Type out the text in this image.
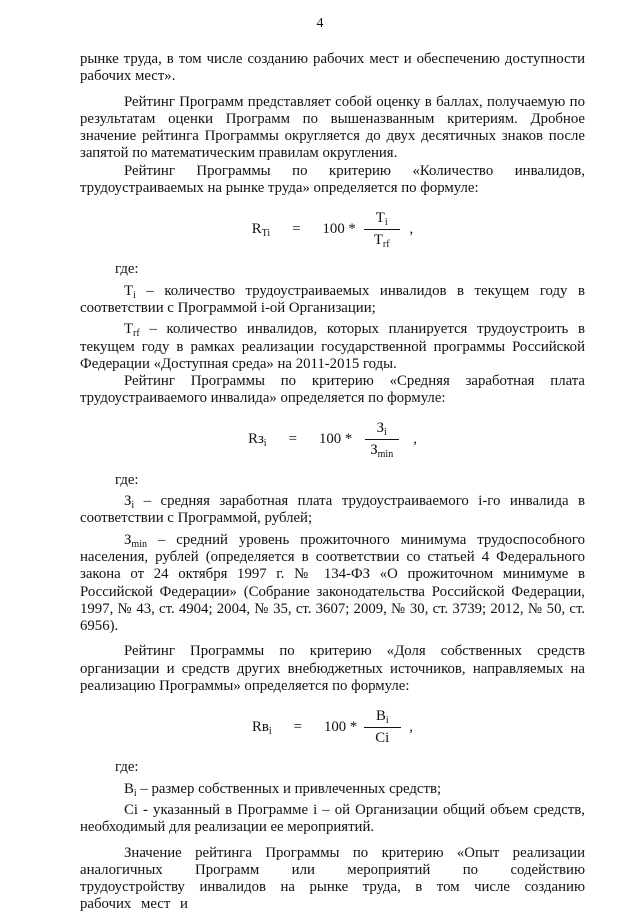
4

рынке труда, в том числе созданию рабочих мест и обеспечению доступности рабочих мест».

Рейтинг Программ представляет собой оценку в баллах, получаемую по результатам оценки Программ по вышеназванным критериям. Дробное значение рейтинга Программы округляется до двух десятичных знаков после запятой по математическим правилам округления.

Рейтинг Программы по критерию «Количество инвалидов, трудоустраиваемых на рынке труда» определяется по формуле:

$R_{Ti} = 100 * \frac{T_i}{T_{rf}}$ ,

где:

$T_i$ – количество трудоустраиваемых инвалидов в текущем году в соответствии с Программой i-ой Организации;

$T_{rf}$ – количество инвалидов, которых планируется трудоустроить в текущем году в рамках реализации государственной программы Российской Федерации «Доступная среда» на 2011-2015 годы.

Рейтинг Программы по критерию «Средняя заработная плата трудоустраиваемого инвалида» определяется по формуле:

$Rз_i = 100 * \frac{З_i}{З_{min}}$ ,

где:

$З_i$ – средняя заработная плата трудоустраиваемого i-го инвалида в соответствии с Программой, рублей;

$З_{min}$ – средний уровень прожиточного минимума трудоспособного населения, рублей (определяется в соответствии со статьей 4 Федерального закона от 24 октября 1997 г. № 134-ФЗ «О прожиточном минимуме в Российской Федерации» (Собрание законодательства Российской Федерации, 1997, № 43, ст. 4904; 2004, № 35, ст. 3607; 2009, № 30, ст. 3739; 2012, № 50, ст. 6956).

Рейтинг Программы по критерию «Доля собственных средств организации и средств других внебюджетных источников, направляемых на реализацию Программы» определяется по формуле:

$Rв_i = 100 * \frac{В_i}{Ci}$ ,

где:

$В_i$ – размер собственных и привлеченных средств;

Ci - указанный в Программе i – ой Организации общий объем средств, необходимый для реализации ее мероприятий.

Значение рейтинга Программы по критерию «Опыт реализации аналогичных Программ или мероприятий по содействию трудоустройству инвалидов на рынке труда, в том числе созданию рабочих мест и
